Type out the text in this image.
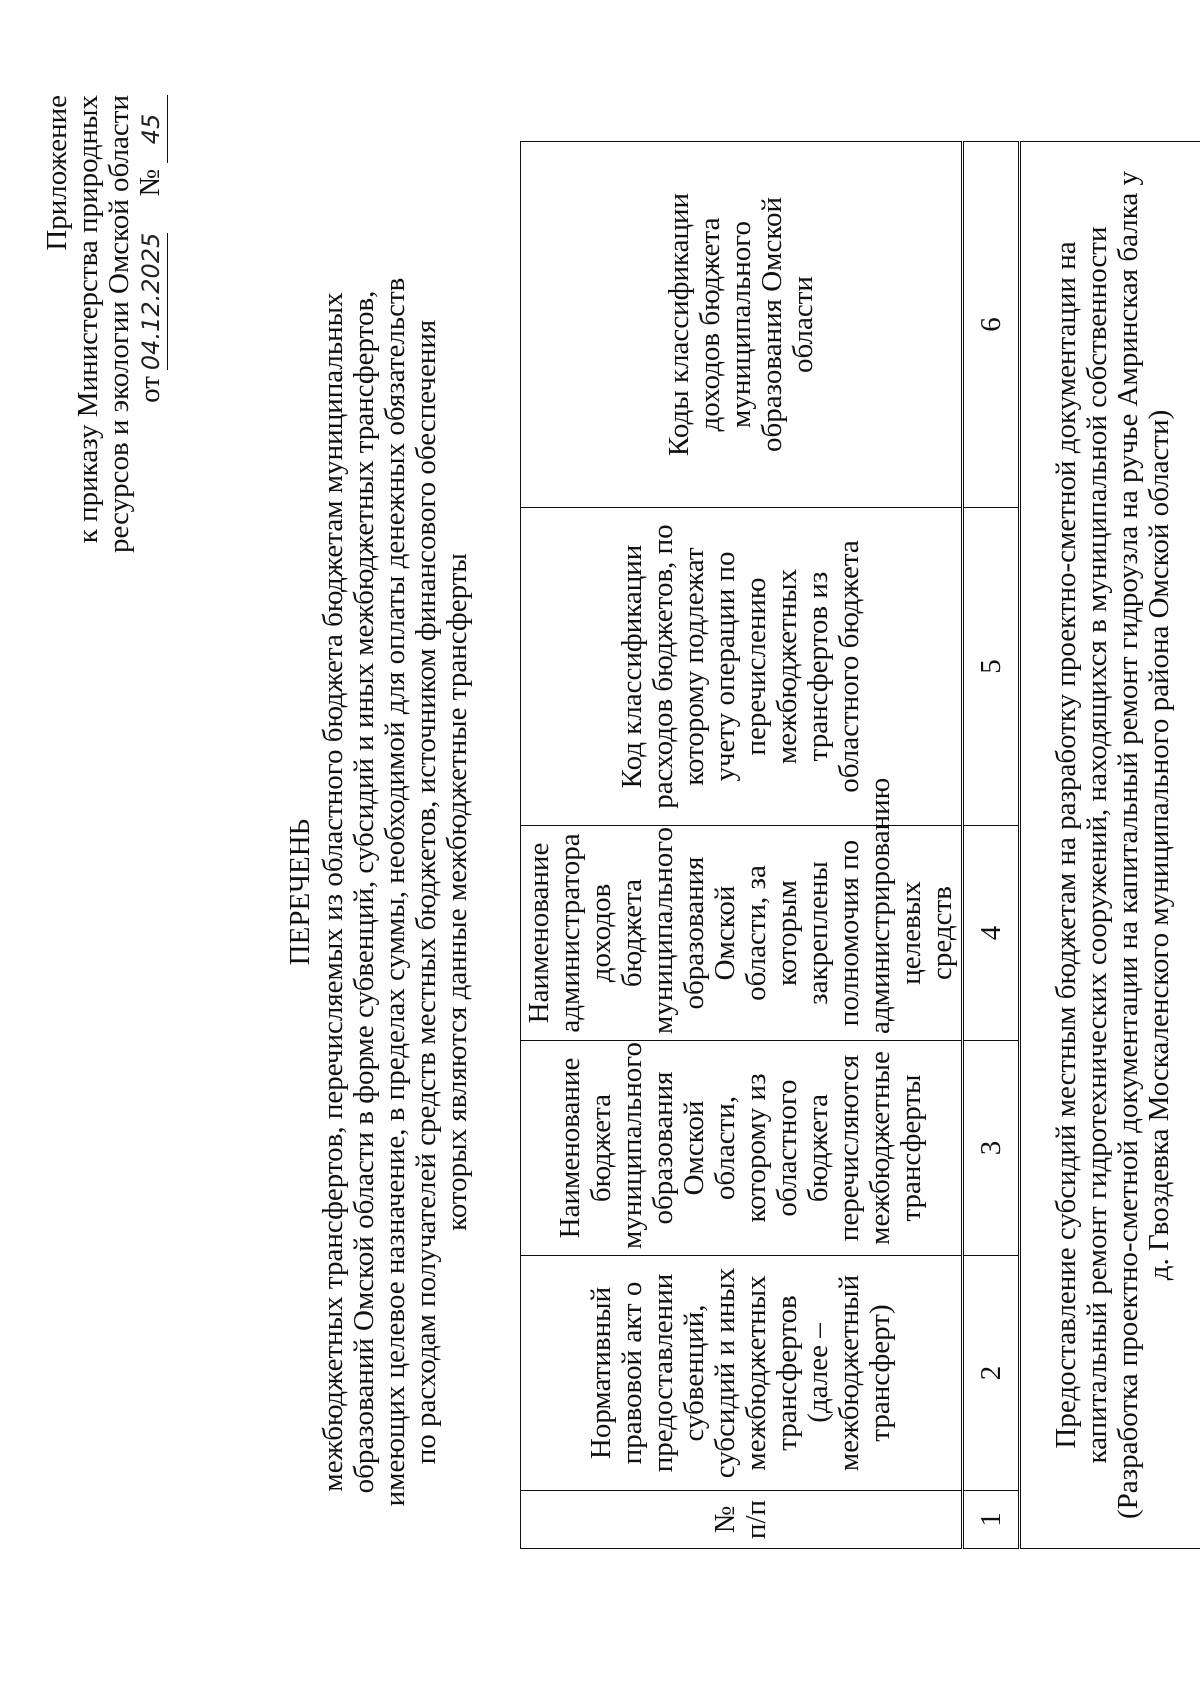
Приложение к приказу Министерства природных ресурсов и экологии Омской области от04.12.2025№45
ПЕРЕЧЕНЬ межбюджетных трансфертов, перечисляемых из областного бюджета бюджетам муниципальных образований Омской области в форме субвенций, субсидий и иных межбюджетных трансфертов, имеющих целевое назначение, в пределах суммы, необходимой для оплаты денежных обязательств по расходам получателей средств местных бюджетов, источником финансового обеспечения которых являются данные межбюджетные трансферты
№ п/п	Нормативный правовой акт о предоставлении субвенций, субсидий и иных межбюджетных трансфертов (далее – межбюджетный трансферт)	Наименование бюджета муниципального образования Омской области, которому из областного бюджета перечисляются межбюджетные трансферты	Наименование администратора доходов бюджета муниципального образования Омской области, за которым закреплены полномочия по администрированию целевых средств	Код классификации расходов бюджетов, по которому подлежат учету операции по перечислению межбюджетных трансфертов из областного бюджета	Коды классификации доходов бюджета муниципального образования Омской области

1	2	3	4	5	6
Предоставление субсидий местным бюджетам на разработку проектно-сметной документации на капитальный ремонт гидротехнических сооружений, находящихся в муниципальной собственности (Разработка проектно-сметной документации на капитальный ремонт гидроузла на ручье Амринская балка у д. Гвоздевка Москаленского муниципального района Омской области)					
